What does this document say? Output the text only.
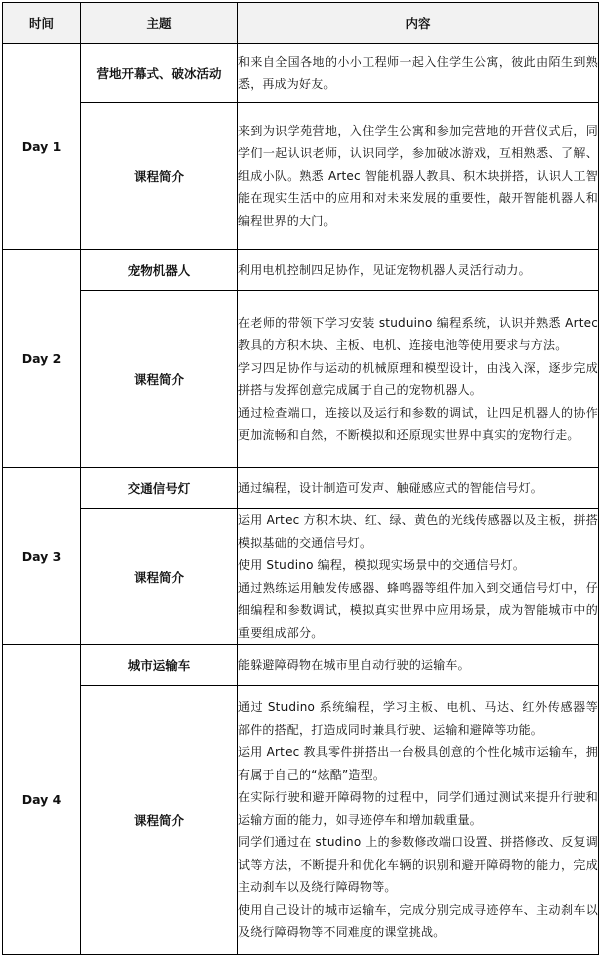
时间	主题	内容
Day 1	营地开幕式、破冰活动	和来自全国各地的小小工程师一起入住学生公寓，彼此由陌生到熟悉，再成为好友。
	课程简介	来到为识学苑营地，入住学生公寓和参加完营地的开营仪式后，同学们一起认识老师，认识同学，参加破冰游戏，互相熟悉、了解、组成小队。熟悉 Artec 智能机器人教具、积木块拼搭，认识人工智能在现实生活中的应用和对未来发展的重要性，敲开智能机器人和编程世界的大门。

Day 2	宠物机器人	利用电机控制四足协作，见证宠物机器人灵活行动力。
	课程简介	在老师的带领下学习安装 studuino 编程系统，认识并熟悉 Artec 教具的方积木块、主板、电机、连接电池等使用要求与方法。
学习四足协作与运动的机械原理和模型设计，由浅入深，逐步完成拼搭与发挥创意完成属于自己的宠物机器人。
通过检查端口，连接以及运行和参数的调试，让四足机器人的协作更加流畅和自然，不断模拟和还原现实世界中真实的宠物行走。

Day 3	交通信号灯	通过编程，设计制造可发声、触碰感应式的智能信号灯。
	课程简介	运用 Artec 方积木块、红、绿、黄色的光线传感器以及主板，拼搭模拟基础的交通信号灯。
使用 Studino 编程，模拟现实场景中的交通信号灯。
通过熟练运用触发传感器、蜂鸣器等组件加入到交通信号灯中，仔细编程和参数调试，模拟真实世界中应用场景，成为智能城市中的重要组成部分。

Day 4	城市运输车	能躲避障碍物在城市里自动行驶的运输车。
	课程简介	通过 Studino 系统编程，学习主板、电机、马达、红外传感器等部件的搭配，打造成同时兼具行驶、运输和避障等功能。
运用 Artec 教具零件拼搭出一台极具创意的个性化城市运输车，拥有属于自己的“炫酷”造型。
在实际行驶和避开障碍物的过程中，同学们通过测试来提升行驶和运输方面的能力，如寻迹停车和增加载重量。
同学们通过在 studino 上的参数修改端口设置、拼搭修改、反复调试等方法，不断提升和优化车辆的识别和避开障碍物的能力，完成主动刹车以及绕行障碍物等。
使用自己设计的城市运输车，完成分别完成寻迹停车、主动刹车以及绕行障碍物等不同难度的课堂挑战。
